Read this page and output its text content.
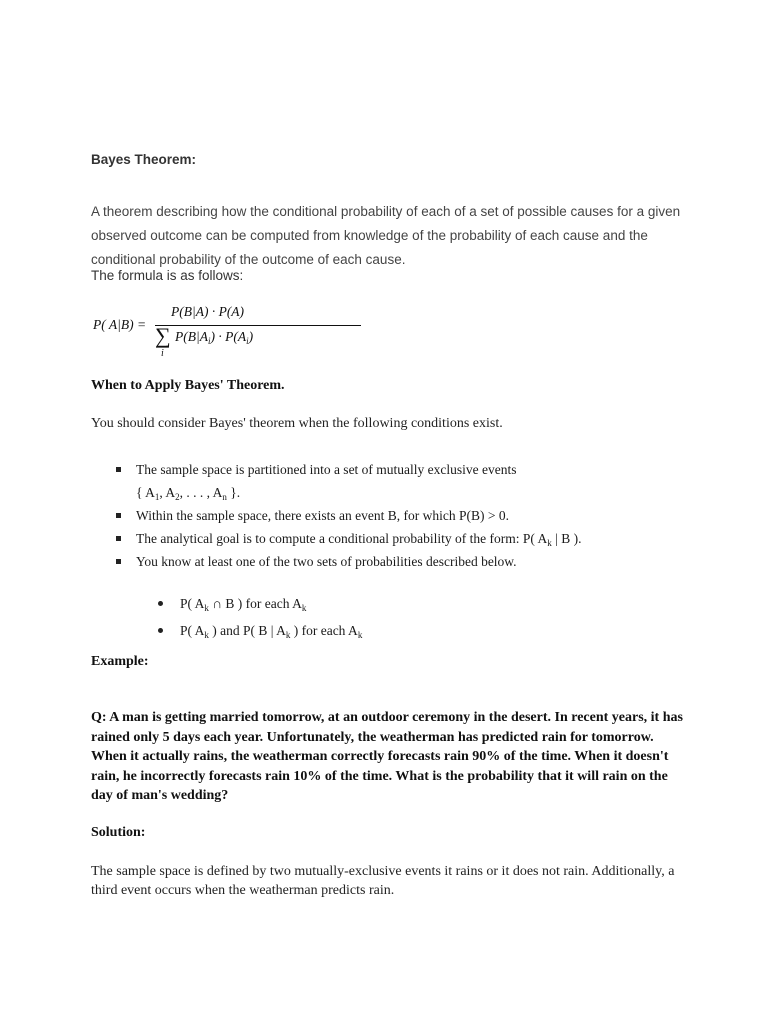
Bayes Theorem:
A theorem describing how the conditional probability of each of a set of possible causes for a given observed outcome can be computed from knowledge of the probability of each cause and the conditional probability of the outcome of each cause.
The formula is as follows:
P( A|B) =
P(B|A) · P(A)
∑
i
$P(B|A_i) \cdot P(A_i)$
When to Apply Bayes' Theorem.
You should consider Bayes' theorem when the following conditions exist.
The sample space is partitioned into a set of mutually exclusive events
{ $A_1$, $A_2$, . . . , $A_n$ }.
Within the sample space, there exists an event B, for which P(B) > 0.
The analytical goal is to compute a conditional probability of the form: P( $A_k$ | B ).
You know at least one of the two sets of probabilities described below.
P( $A_k$ ∩ B ) for each $A_k$
P( $A_k$ ) and P( B | $A_k$ ) for each $A_k$
Example:
Q: A man is getting married tomorrow, at an outdoor ceremony in the desert. In recent years, it has rained only 5 days each year. Unfortunately, the weatherman has predicted rain for tomorrow. When it actually rains, the weatherman correctly forecasts rain 90% of the time. When it doesn't rain, he incorrectly forecasts rain 10% of the time. What is the probability that it will rain on the day of man's wedding?
Solution:
The sample space is defined by two mutually-exclusive events it rains or it does not rain. Additionally, a third event occurs when the weatherman predicts rain.
